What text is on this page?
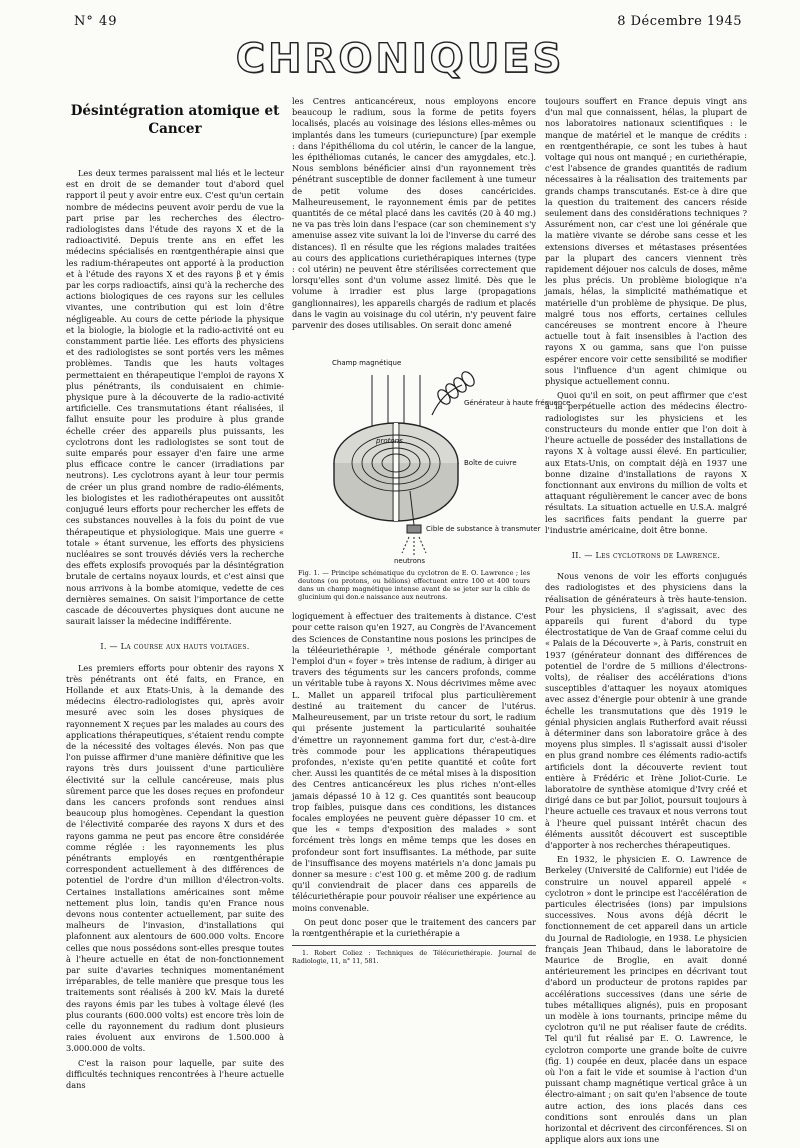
N° 49	8 Décembre 1945
CHRONIQUES
Désintégration atomique et Cancer

Les deux termes paraissent mal liés et le lecteur est en droit de se demander tout d'abord quel rapport il peut y avoir entre eux. C'est qu'un certain nombre de médecins peuvent avoir perdu de vue la part prise par les recherches des électro-radiologistes dans l'étude des rayons X et de la radioactivité. Depuis trente ans en effet les médecins spécialisés en rœntgenthérapie ainsi que les radium-thérapeutes ont apporté à la production et à l'étude des rayons X et des rayons β et γ émis par les corps radioactifs, ainsi qu'à la recherche des actions biologiques de ces rayons sur les cellules vivantes, une contribution qui est loin d'être négligeable. Au cours de cette période la physique et la biologie, la biologie et la radio-activité ont eu constamment partie liée. Les efforts des physiciens et des radiologistes se sont portés vers les mêmes problèmes. Tandis que les hauts voltages permettaient en thérapeutique l'emploi de rayons X plus pénétrants, ils conduisaient en chimie-physique pure à la découverte de la radio-activité artificielle. Ces transmutations étant réalisées, il fallut ensuite pour les produire à plus grande échelle créer des appareils plus puissants, les cyclotrons dont les radiologistes se sont tout de suite emparés pour essayer d'en faire une arme plus efficace contre le cancer (irradiations par neutrons). Les cyclotrons ayant à leur tour permis de créer un plus grand nombre de radio-éléments, les biologistes et les radiothérapeutes ont aussitôt conjugué leurs efforts pour rechercher les effets de ces substances nouvelles à la fois du point de vue thérapeutique et physiologique. Mais une guerre « totale » étant survenue, les efforts des physiciens nucléaires se sont trouvés déviés vers la recherche des effets explosifs provoqués par la désintégration brutale de certains noyaux lourds, et c'est ainsi que nous arrivons à la bombe atomique, vedette de ces dernières semaines. On saisit l'importance de cette cascade de découvertes physiques dont aucune ne saurait laisser la médecine indifférente.

I. — La course aux hauts voltages.

Les premiers efforts pour obtenir des rayons X très pénétrants ont été faits, en France, en Hollande et aux Etats-Unis, à la demande des médecins électro-radiologistes qui, après avoir mesuré avec soin les doses physiques de rayonnement X reçues par les malades au cours des applications thérapeutiques, s'étaient rendu compte de la nécessité des voltages élevés. Non pas que l'on puisse affirmer d'une manière définitive que les rayons très durs jouissent d'une particulière électivité sur la cellule cancéreuse, mais plus sûrement parce que les doses reçues en profondeur dans les cancers profonds sont rendues ainsi beaucoup plus homogènes. Cependant la question de l'électivité comparée des rayons X durs et des rayons gamma ne peut pas encore être considérée comme réglée : les rayonnements les plus pénétrants employés en rœntgenthérapie correspondent actuellement à des différences de potentiel de l'ordre d'un million d'électron-volts. Certaines installations américaines sont même nettement plus loin, tandis qu'en France nous devons nous contenter actuellement, par suite des malheurs de l'invasion, d'installations qui plafonnent aux alentours de 600.000 volts. Encore celles que nous possédons sont-elles presque toutes à l'heure actuelle en état de non-fonctionnement par suite d'avaries techniques momentanément irréparables, de telle manière que presque tous les traitements sont réalisés à 200 kV. Mais la dureté des rayons émis par les tubes à voltage élevé (les plus courants (600.000 volts) est encore très loin de celle du rayonnement du radium dont plusieurs raies évoluent aux environs de 1.500.000 à 3.000.000 de volts.

C'est la raison pour laquelle, par suite des difficultés techniques rencontrées à l'heure actuelle dans

les Centres anticancéreux, nous employons encore beaucoup le radium, sous la forme de petits foyers localisés, placés au voisinage des lésions elles-mêmes ou implantés dans les tumeurs (curiepuncture) [par exemple : dans l'épithélioma du col utérin, le cancer de la langue, les épithéliomas cutanés, le cancer des amygdales, etc.]. Nous semblons bénéficier ainsi d'un rayonnement très pénétrant susceptible de donner facilement à une tumeur de petit volume des doses cancéricides. Malheureusement, le rayonnement émis par de petites quantités de ce métal placé dans les cavités (20 à 40 mg.) ne va pas très loin dans l'espace (car son cheminement s'y amenuise assez vite suivant la loi de l'inverse du carré des distances). Il en résulte que les régions malades traitées au cours des applications curiethérapiques internes (type : col utérin) ne peuvent être stérilisées correctement que lorsqu'elles sont d'un volume assez limité. Dès que le volume à irradier est plus large (propagations ganglionnaires), les appareils chargés de radium et placés dans le vagin au voisinage du col utérin, n'y peuvent faire parvenir des doses utilisables. On serait donc amené

Champ magnétique
Générateur à haute fréquence
protons
Boîte de cuivre
Cible de substance à transmuter
neutrons
Fig. 1. — Principe schématique du cyclotron de E. O. Lawrence ; les deutons (ou protons, ou hélions) effectuent entre 100 et 400 tours dans un champ magnétique intense avant de se jeter sur la cible de glucinium qui don.e naissance aux neutrons.

logiquement à effectuer des traitements à distance. C'est pour cette raison qu'en 1927, au Congrès de l'Avancement des Sciences de Constantine nous posions les principes de la téléeuriethérapie ¹, méthode générale comportant l'emploi d'un « foyer » très intense de radium, à diriger au travers des téguments sur les cancers profonds, comme un véritable tube à rayons X. Nous décrivimes même avec L. Mallet un appareil trifocal plus particulièrement destiné au traitement du cancer de l'utérus. Malheureusement, par un triste retour du sort, le radium qui présente justement la particularité souhaitée d'émettre un rayonnement gamma fort dur, c'est-à-dire très commode pour les applications thérapeutiques profondes, n'existe qu'en petite quantité et coûte fort cher. Aussi les quantités de ce métal mises à la disposition des Centres anticancéreux les plus riches n'ont-elles jamais dépassé 10 à 12 g. Ces quantités sont beaucoup trop faibles, puisque dans ces conditions, les distances focales employées ne peuvent guère dépasser 10 cm. et que les « temps d'exposition des malades » sont forcément très longs en même temps que les doses en profondeur sont fort insuffisantes. La méthode, par suite de l'insuffisance des moyens matériels n'a donc jamais pu donner sa mesure : c'est 100 g. et même 200 g. de radium qu'il conviendrait de placer dans ces appareils de télécuriethérapie pour pouvoir réaliser une expérience au moins convenable.

On peut donc poser que le traitement des cancers par la rœntgenthérapie et la curiethérapie a

1. Robert Coliez : Techniques de Télécuriethérapie. Journal de Radiologie, 11, n° 11, 581.

toujours souffert en France depuis vingt ans d'un mal que connaissent, hélas, la plupart de nos laboratoires nationaux scientifiques : le manque de matériel et le manque de crédits : en rœntgenthérapie, ce sont les tubes à haut voltage qui nous ont manqué ; en curiethérapie, c'est l'absence de grandes quantités de radium nécessaires à la réalisation des traitements par grands champs transcutanés. Est-ce à dire que la question du traitement des cancers réside seulement dans des considérations techniques ? Assurément non, car c'est une loi générale que la matière vivante se dérobe sans cesse et les extensions diverses et métastases présentées par la plupart des cancers viennent très rapidement déjouer nos calculs de doses, même les plus précis. Un problème biologique n'a jamais, hélas, la simplicité mathématique et matérielle d'un problème de physique. De plus, malgré tous nos efforts, certaines cellules cancéreuses se montrent encore à l'heure actuelle tout à fait insensibles à l'action des rayons X ou gamma, sans que l'on puisse espérer encore voir cette sensibilité se modifier sous l'influence d'un agent chimique ou physique actuellement connu.

Quoi qu'il en soit, on peut affirmer que c'est à la perpétuelle action des médecins électro-radiologistes sur les physiciens et les constructeurs du monde entier que l'on doit à l'heure actuelle de posséder des installations de rayons X à voltage aussi élevé. En particulier, aux Etats-Unis, on comptait déjà en 1937 une bonne dizaine d'installations de rayons X fonctionnant aux environs du million de volts et attaquant régulièrement le cancer avec de bons résultats. La situation actuelle en U.S.A. malgré les sacrifices faits pendant la guerre par l'industrie américaine, doit être bonne.

II. — Les cyclotrons de Lawrence.

Nous venons de voir les efforts conjugués des radiologistes et des physiciens dans la réalisation de générateurs à très haute-tension. Pour les physiciens, il s'agissait, avec des appareils qui furent d'abord du type électrostatique de Van de Graaf comme celui du « Palais de la Découverte », à Paris, construit en 1937 (générateur donnant des différences de potentiel de l'ordre de 5 millions d'électrons-volts), de réaliser des accélérations d'ions susceptibles d'attaquer les noyaux atomiques avec assez d'énergie pour obtenir à une grande échelle les transmutations que dès 1919 le génial physicien anglais Rutherford avait réussi à déterminer dans son laboratoire grâce à des moyens plus simples. Il s'agissait aussi d'isoler en plus grand nombre ces éléments radio-actifs artificiels dont la découverte revient tout entière à Frédéric et Irène Joliot-Curie. Le laboratoire de synthèse atomique d'Ivry créé et dirigé dans ce but par Joliot, poursuit toujours à l'heure actuelle ces travaux et nous verrons tout à l'heure quel puissant intérêt chacun des éléments aussitôt découvert est susceptible d'apporter à nos recherches thérapeutiques.

En 1932, le physicien E. O. Lawrence de Berkeley (Université de Californie) eut l'idée de construire un nouvel appareil appelé « cyclotron » dont le principe est l'accélération de particules électrisées (ions) par impulsions successives. Nous avons déjà décrit le fonctionnement de cet appareil dans un article du Journal de Radiologie, en 1938. Le physicien français Jean Thibaud, dans le laboratoire de Maurice de Broglie, en avait donné antérieurement les principes en décrivant tout d'abord un producteur de protons rapides par accélérations successives (dans une série de tubes métalliques alignés), puis en proposant un modèle à ions tournants, principe même du cyclotron qu'il ne put réaliser faute de crédits. Tel qu'il fut réalisé par E. O. Lawrence, le cyclotron comporte une grande boîte de cuivre (fig. 1) coupée en deux, placée dans un espace où l'on a fait le vide et soumise à l'action d'un puissant champ magnétique vertical grâce à un électro-aimant ; on sait qu'en l'absence de toute autre action, des ions placés dans ces conditions sont enroulés dans un plan horizontal et décrivent des circonférences. Si on applique alors aux ions une
